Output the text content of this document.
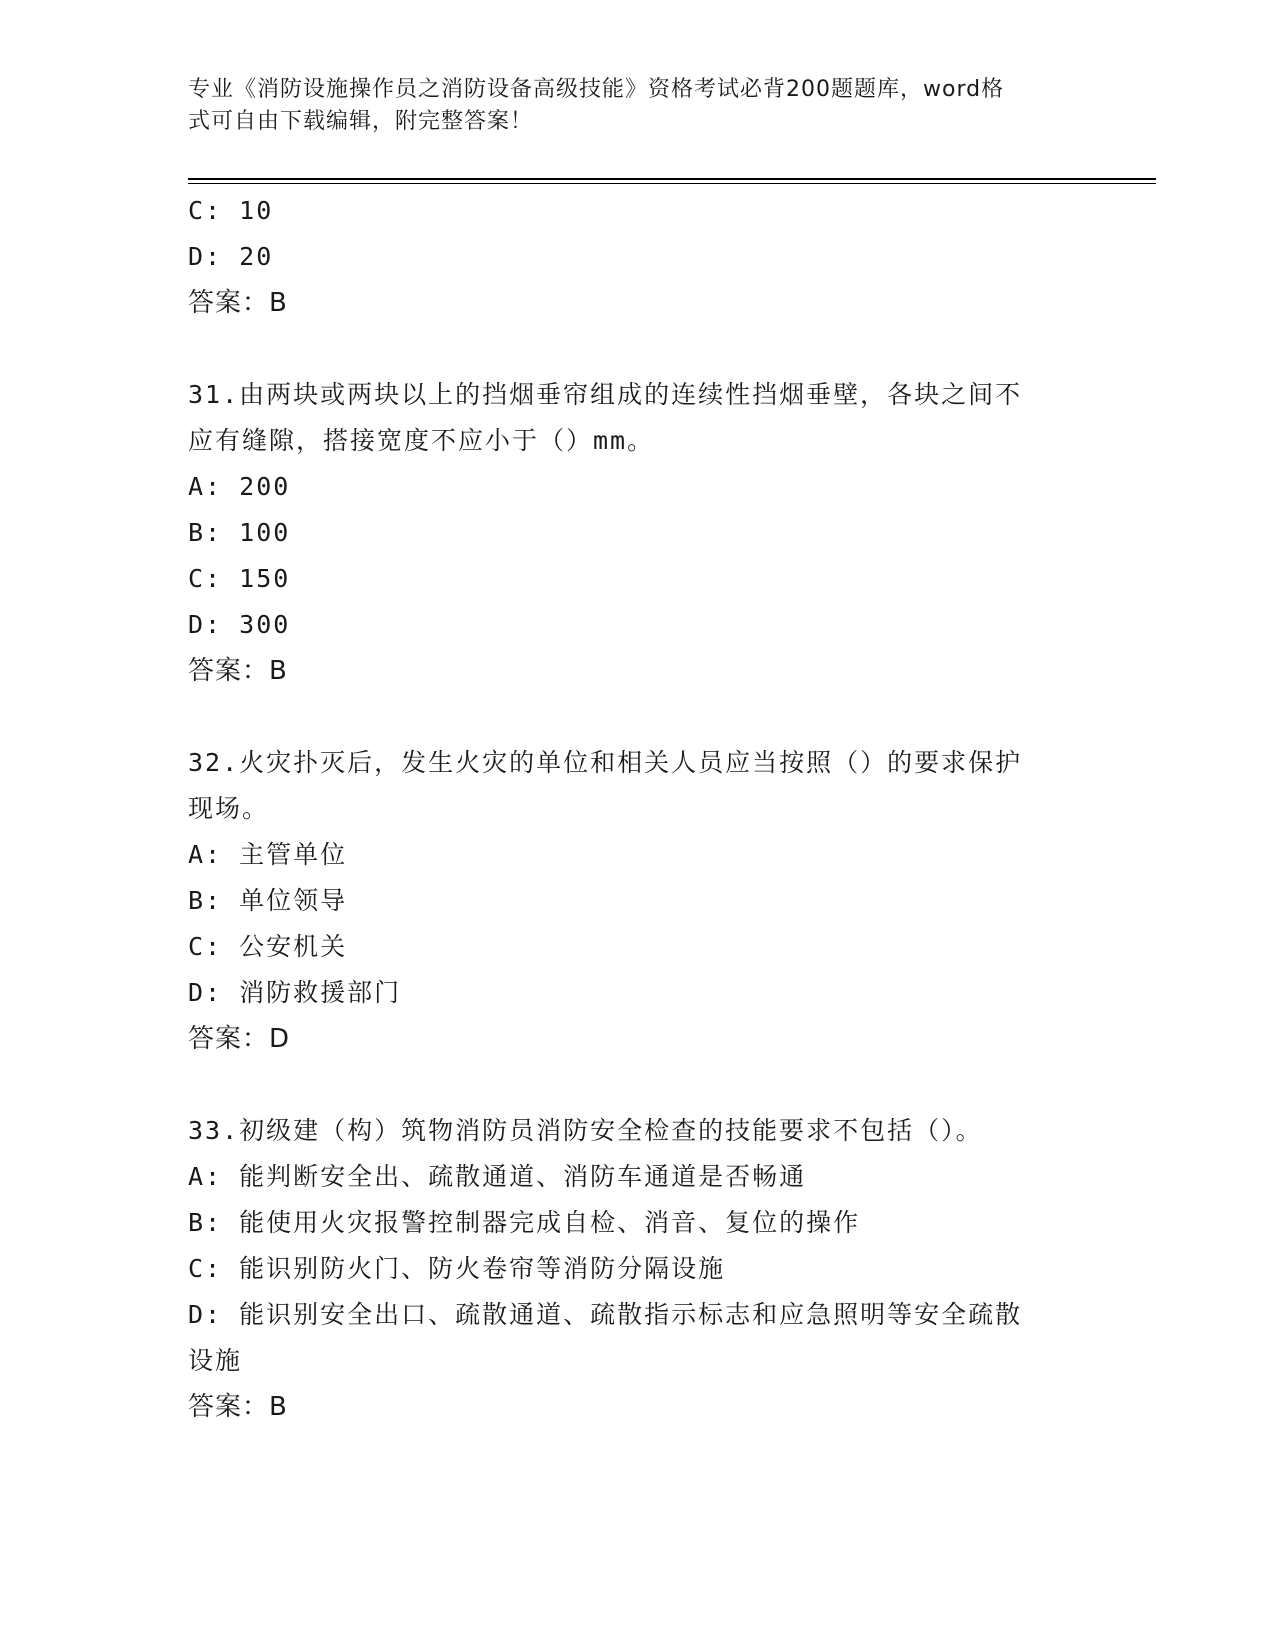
专业《消防设施操作员之消防设备高级技能》资格考试必背200题题库，word格
式可自由下载编辑，附完整答案！
C: 10
D: 20
答案：B
31.由两块或两块以上的挡烟垂帘组成的连续性挡烟垂壁，各块之间不
应有缝隙，搭接宽度不应小于（）mm。
A: 200
B: 100
C: 150
D: 300
答案：B
32.火灾扑灭后，发生火灾的单位和相关人员应当按照（）的要求保护
现场。
A: 主管单位
B: 单位领导
C: 公安机关
D: 消防救援部门
答案：D
33.初级建（构）筑物消防员消防安全检查的技能要求不包括（）。
A: 能判断安全出、疏散通道、消防车通道是否畅通
B: 能使用火灾报警控制器完成自检、消音、复位的操作
C: 能识别防火门、防火卷帘等消防分隔设施
D: 能识别安全出口、疏散通道、疏散指示标志和应急照明等安全疏散
设施
答案：B
